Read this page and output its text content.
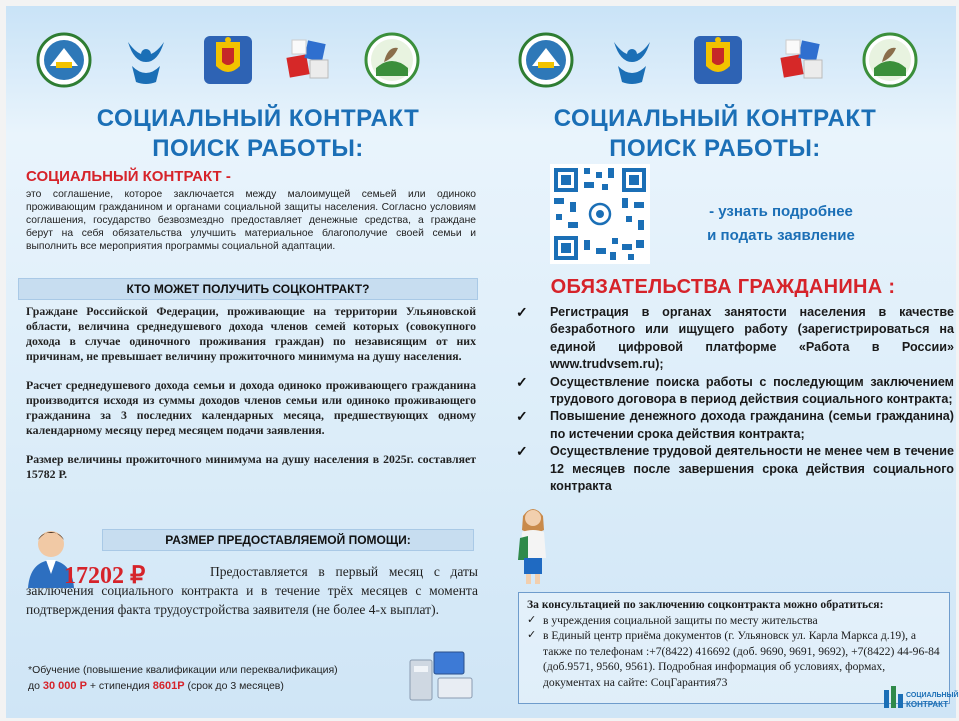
СОЦИАЛЬНЫЙ КОНТРАКТ
ПОИСК РАБОТЫ:
СОЦИАЛЬНЫЙ КОНТРАКТ -
это соглашение, которое заключается между малоимущей семьей или одиноко проживающим гражданином и органами социальной защиты населения. Согласно условиям соглашения, государство безвозмездно предоставляет денежные средства, а граждане берут на себя обязательства улучшить материальное благополучие своей семьи и выполнить все мероприятия программы социальной адаптации.
КТО МОЖЕТ ПОЛУЧИТЬ СОЦКОНТРАКТ?

Граждане Российской Федерации, проживающие на территории Ульяновской области, величина среднедушевого дохода членов семей которых (совокупного дохода в случае одиночного проживания граждан) по независящим от них причинам, не превышает величину прожиточного минимума на душу населения.

Расчет среднедушевого дохода семьи и дохода одиноко проживающего гражданина производится исходя из суммы доходов членов семьи или одиноко проживающего гражданина за 3 последних календарных месяца, предшествующих одному календарному месяцу перед месяцем подачи заявления.

Размер величины прожиточного минимума на душу населения в 2025г. составляет 15782 Р.

РАЗМЕР ПРЕДОСТАВЛЯЕМОЙ ПОМОЩИ:
Предоставляется в первый месяц с даты заключения социального контракта и в течение трёх месяцев с момента подтверждения факта трудоустройства заявителя (не более 4-х выплат).
17202 ₽
*Обучение (повышение квалификации или переквалификация)
до 30 000 Р + стипендия 8601Р (срок до 3 месяцев)
СОЦИАЛЬНЫЙ КОНТРАКТ
ПОИСК РАБОТЫ:
- узнать подробнее
и подать заявление
ОБЯЗАТЕЛЬСТВА ГРАЖДАНИНА :
✓ Регистрация в органах занятости населения в качестве безработного или ищущего работу (зарегистрироваться на единой цифровой платформе «Работа в России» www.trudvsem.ru);
✓ Осуществление поиска работы с последующим заключением трудового договора в период действия социального контракта;
✓ Повышение денежного дохода гражданина (семьи гражданина) по истечении срока действия контракта;
✓ Осуществление трудовой деятельности не менее чем в течение 12 месяцев после завершения срока действия социального контракта
За консультацией по заключению соцконтракта можно обратиться:
✓ в учреждения социальной защиты по месту жительства
✓ в Единый центр приёма документов (г. Ульяновск ул. Карла Маркса д.19), а также по телефонам :+7(8422) 416692 (доб. 9690, 9691, 9692), +7(8422) 44-96-84 (доб.9571, 9560, 9561). Подробная информация об условиях, формах, документах на сайте: СоцГарантия73
СОЦИАЛЬНЫЙ
КОНТРАКТ
